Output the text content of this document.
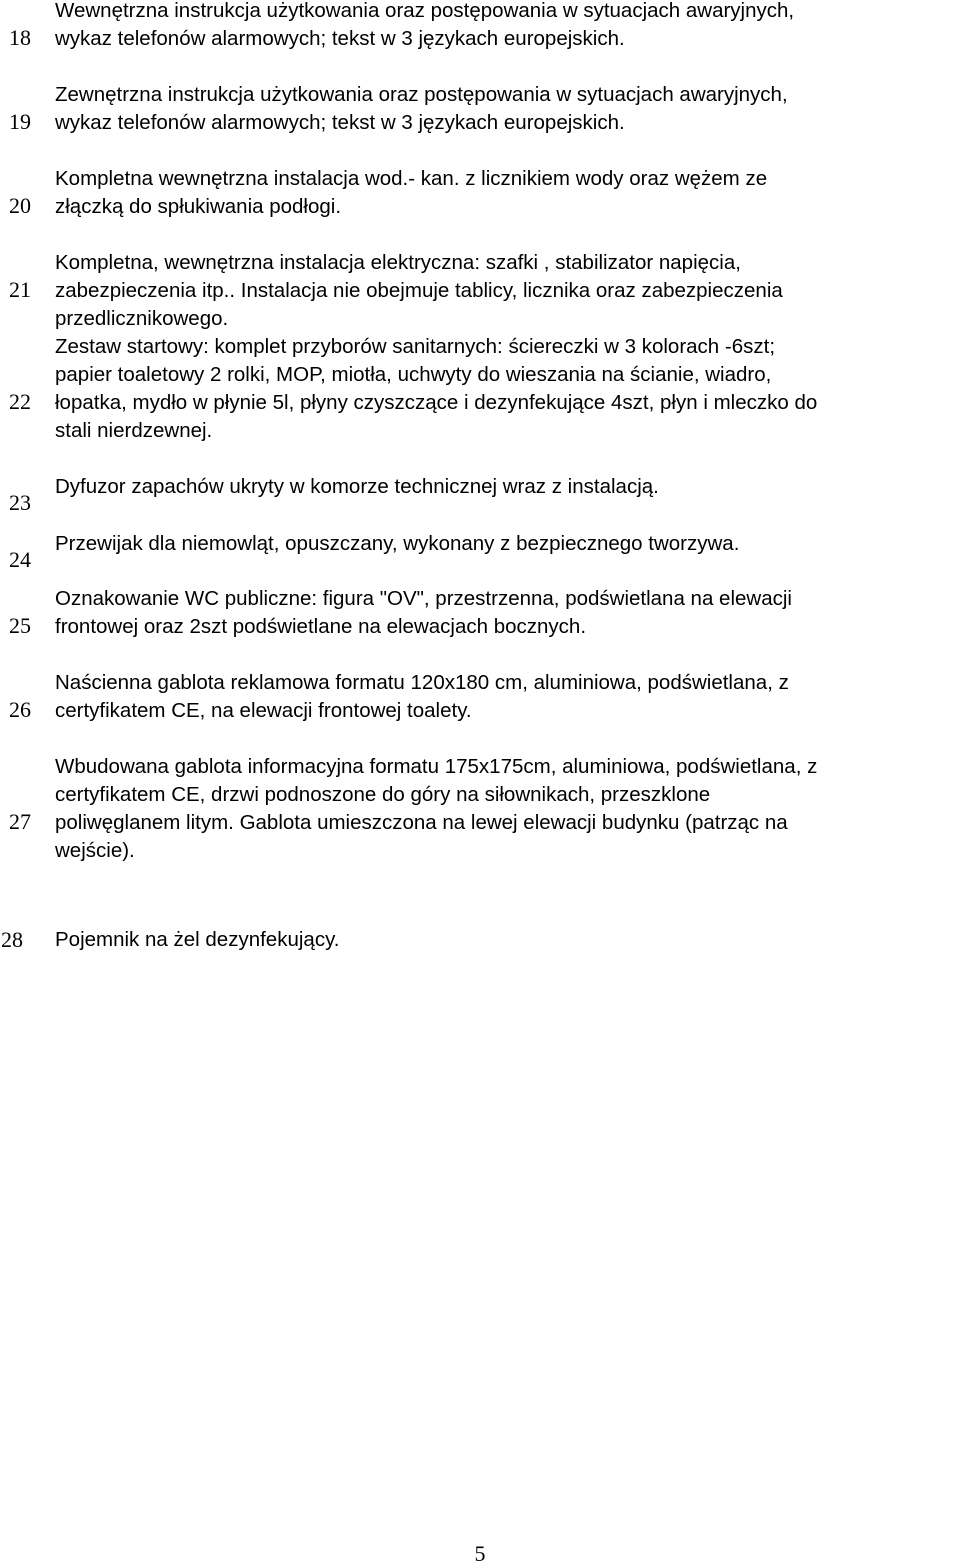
18
Wewnętrzna instrukcja użytkowania oraz postępowania w sytuacjach awaryjnych,
wykaz telefonów alarmowych; tekst w 3 językach europejskich.
19
Zewnętrzna instrukcja użytkowania oraz postępowania w sytuacjach awaryjnych,
wykaz telefonów alarmowych; tekst w 3 językach europejskich.
20
Kompletna wewnętrzna instalacja wod.- kan. z licznikiem wody oraz wężem ze
złączką do spłukiwania podłogi.
21
Kompletna, wewnętrzna instalacja elektryczna: szafki , stabilizator napięcia,
zabezpieczenia itp.. Instalacja nie obejmuje tablicy, licznika oraz zabezpieczenia
przedlicznikowego.
22
Zestaw startowy: komplet przyborów sanitarnych: ściereczki w 3 kolorach -6szt;
papier toaletowy 2 rolki, MOP, miotła, uchwyty do wieszania na ścianie, wiadro,
łopatka, mydło w płynie 5l, płyny czyszczące i dezynfekujące 4szt, płyn i mleczko do
stali nierdzewnej.
23
Dyfuzor zapachów ukryty w komorze technicznej wraz z instalacją.
24
Przewijak dla niemowląt, opuszczany, wykonany z bezpiecznego tworzywa.
25
Oznakowanie WC publiczne: figura "OV", przestrzenna, podświetlana na elewacji
frontowej oraz 2szt podświetlane na elewacjach bocznych.
26
Naścienna gablota reklamowa formatu 120x180 cm, aluminiowa, podświetlana, z
certyfikatem CE, na elewacji frontowej toalety.
27
Wbudowana gablota informacyjna formatu 175x175cm, aluminiowa, podświetlana, z
certyfikatem CE, drzwi podnoszone do góry na siłownikach, przeszklone
poliwęglanem litym. Gablota umieszczona na lewej elewacji budynku (patrząc na
wejście).
28	Pojemnik na żel dezynfekujący.
5
